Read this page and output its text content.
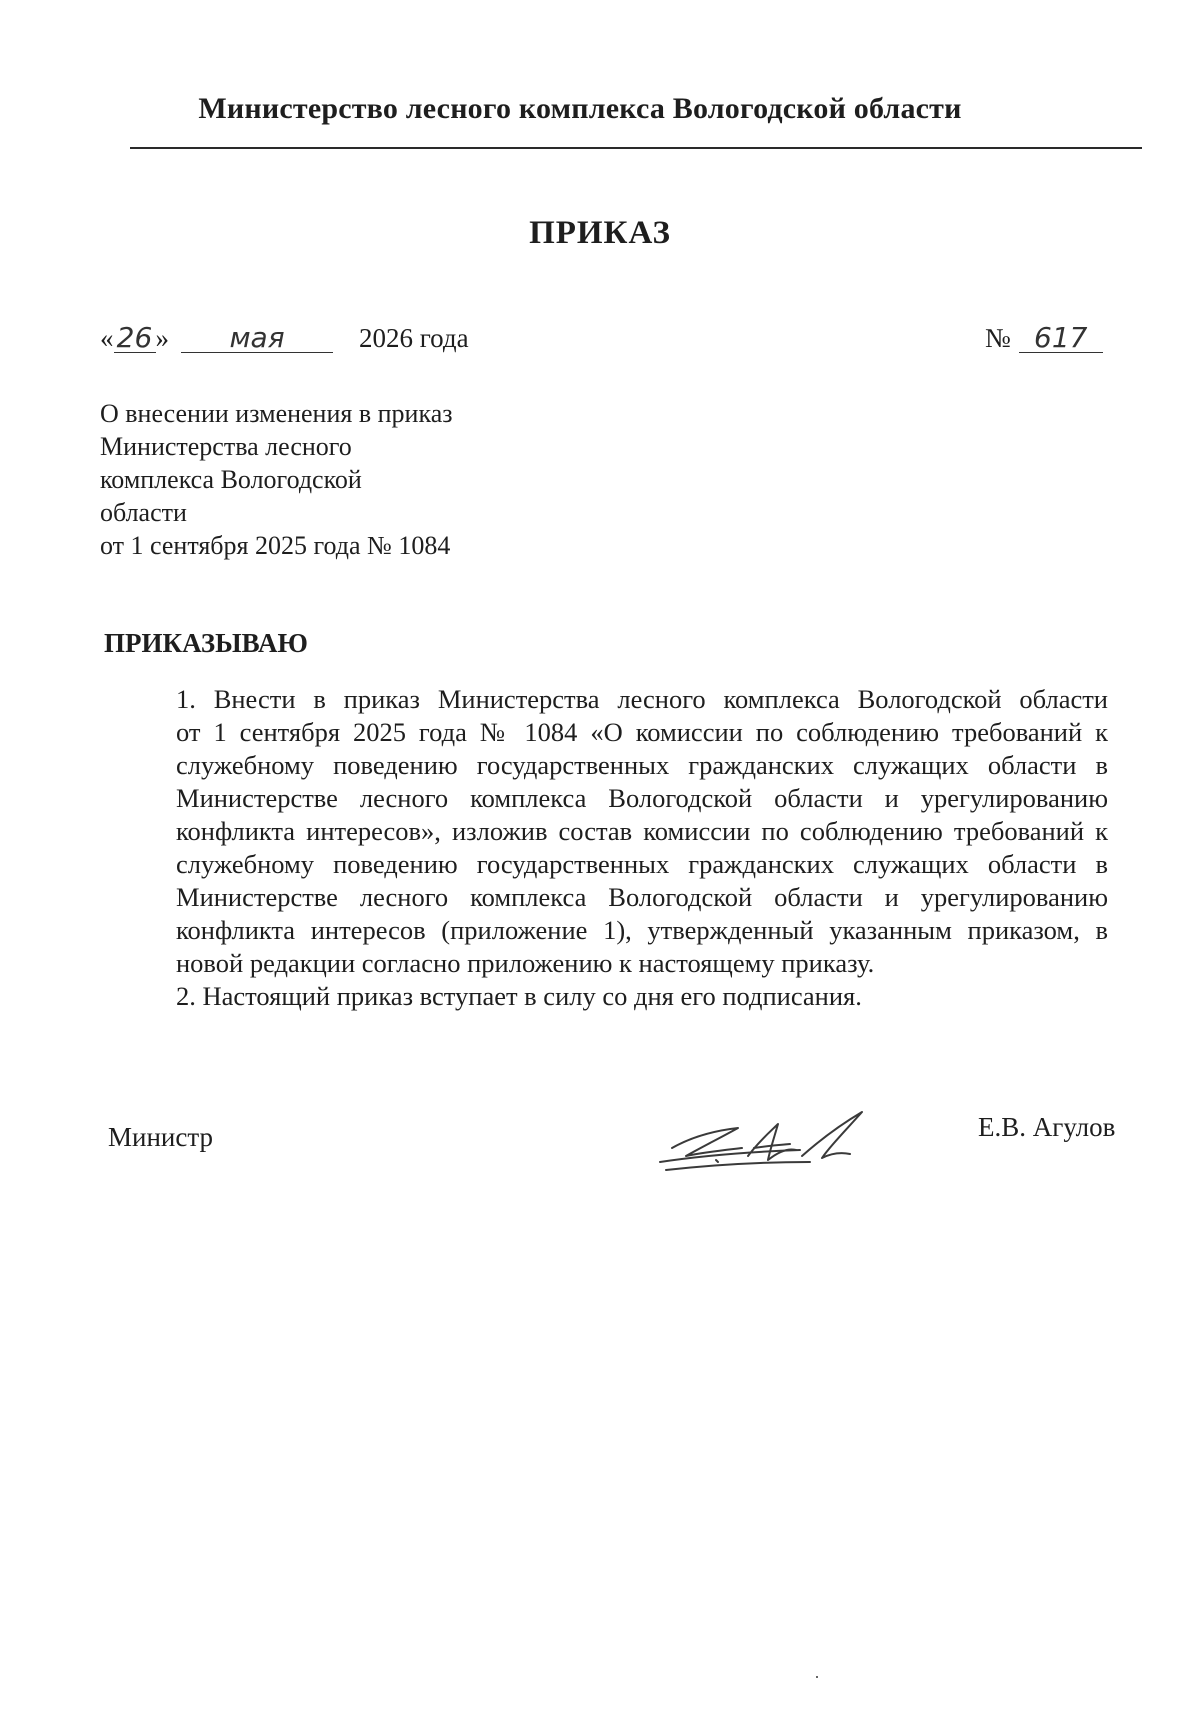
Министерство лесного комплекса Вологодской области
ПРИКАЗ
« 26 » мая	2026 года	№ 617
О внесении изменения в приказ
Министерства лесного
комплекса Вологодской
области
от 1 сентября 2025 года № 1084
ПРИКАЗЫВАЮ
1. Внести в приказ Министерства лесного комплекса Вологодской области
от 1 сентября 2025 года № 1084 «О комиссии по соблюдению требований к
служебному поведению государственных гражданских служащих области в
Министерстве лесного комплекса Вологодской области и урегулированию
конфликта интересов», изложив состав комиссии по соблюдению требований к
служебному поведению государственных гражданских служащих области в
Министерстве лесного комплекса Вологодской области и урегулированию
конфликта интересов (приложение 1), утвержденный указанным приказом, в
новой редакции согласно приложению к настоящему приказу.
2. Настоящий приказ вступает в силу со дня его подписания.
Министр	Е.В. Агулов
